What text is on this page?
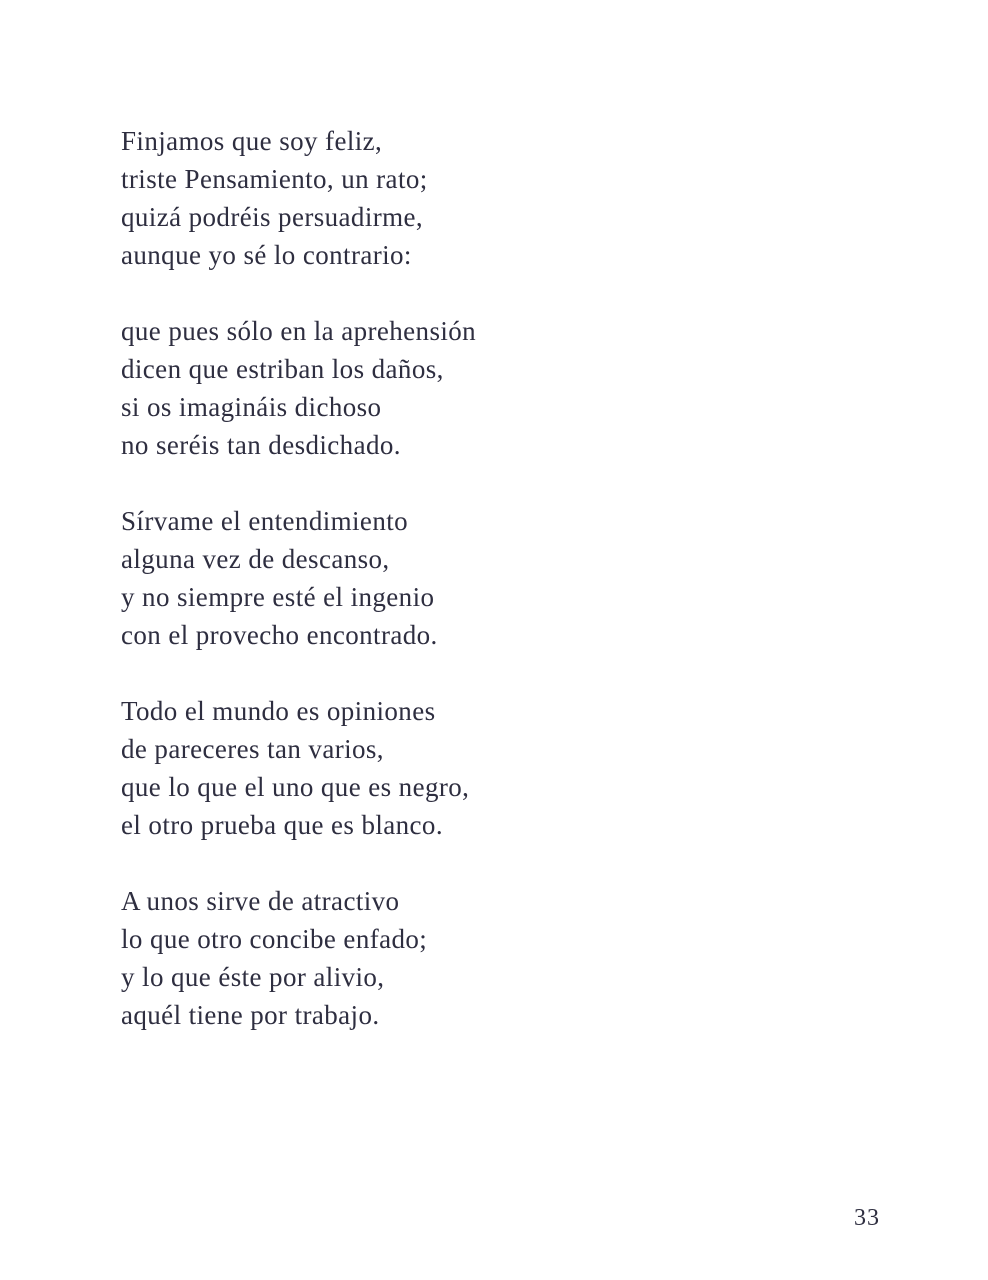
Finjamos que soy feliz,
triste Pensamiento, un rato;
quizá podréis persuadirme,
aunque yo sé lo contrario:
que pues sólo en la aprehensión
dicen que estriban los daños,
si os imagináis dichoso
no seréis tan desdichado.
Sírvame el entendimiento
alguna vez de descanso,
y no siempre esté el ingenio
con el provecho encontrado.
Todo el mundo es opiniones
de pareceres tan varios,
que lo que el uno que es negro,
el otro prueba que es blanco.
A unos sirve de atractivo
lo que otro concibe enfado;
y lo que éste por alivio,
aquél tiene por trabajo.
33
